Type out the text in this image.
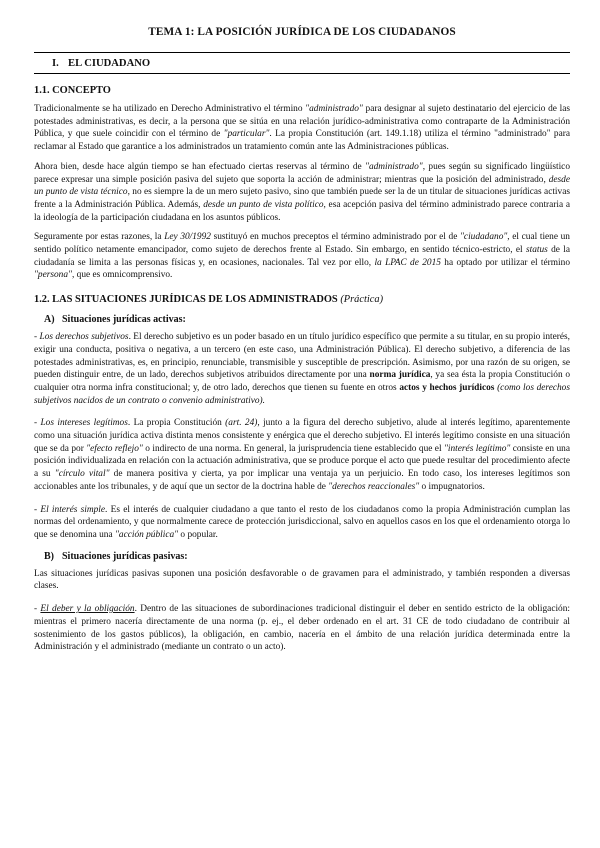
TEMA 1: LA POSICIÓN JURÍDICA DE LOS CIUDADANOS
I. EL CIUDADANO
1.1. CONCEPTO

Tradicionalmente se ha utilizado en Derecho Administrativo el término "administrado" para designar al sujeto destinatario del ejercicio de las potestades administrativas, es decir, a la persona que se sitúa en una relación jurídico-administrativa como contraparte de la Administración Pública, y que suele coincidir con el término de "particular". La propia Constitución (art. 149.1.18) utiliza el término "administrado" para reclamar al Estado que garantice a los administrados un tratamiento común ante las Administraciones públicas.

Ahora bien, desde hace algún tiempo se han efectuado ciertas reservas al término de "administrado", pues según su significado lingüístico parece expresar una simple posición pasiva del sujeto que soporta la acción de administrar; mientras que la posición del administrado, desde un punto de vista técnico, no es siempre la de un mero sujeto pasivo, sino que también puede ser la de un titular de situaciones jurídicas activas frente a la Administración Pública. Además, desde un punto de vista político, esa acepción pasiva del término administrado parece contraria a la ideología de la participación ciudadana en los asuntos públicos.

Seguramente por estas razones, la Ley 30/1992 sustituyó en muchos preceptos el término administrado por el de "ciudadano", el cual tiene un sentido político netamente emancipador, como sujeto de derechos frente al Estado. Sin embargo, en sentido técnico-estricto, el status de la ciudadanía se limita a las personas físicas y, en ocasiones, nacionales. Tal vez por ello, la LPAC de 2015 ha optado por utilizar el término "persona", que es omnicomprensivo.

1.2. LAS SITUACIONES JURÍDICAS DE LOS ADMINISTRADOS (Práctica)
A) Situaciones jurídicas activas:

- Los derechos subjetivos. El derecho subjetivo es un poder basado en un título jurídico específico que permite a su titular, en su propio interés, exigir una conducta, positiva o negativa, a un tercero (en este caso, una Administración Pública). El derecho subjetivo, a diferencia de las potestades administrativas, es, en principio, renunciable, transmisible y susceptible de prescripción. Asimismo, por una razón de su origen, se pueden distinguir entre, de un lado, derechos subjetivos atribuidos directamente por una norma jurídica, ya sea ésta la propia Constitución o cualquier otra norma infra constitucional; y, de otro lado, derechos que tienen su fuente en otros actos y hechos jurídicos (como los derechos subjetivos nacidos de un contrato o convenio administrativo).

- Los intereses legítimos. La propia Constitución (art. 24), junto a la figura del derecho subjetivo, alude al interés legítimo, aparentemente como una situación jurídica activa distinta menos consistente y enérgica que el derecho subjetivo. El interés legítimo consiste en una situación que se da por "efecto reflejo" o indirecto de una norma. En general, la jurisprudencia tiene establecido que el "interés legítimo" consiste en una posición individualizada en relación con la actuación administrativa, que se produce porque el acto que puede resultar del procedimiento afecte a su "círculo vital" de manera positiva y cierta, ya por implicar una ventaja ya un perjuicio. En todo caso, los intereses legítimos son accionables ante los tribunales, y de aquí que un sector de la doctrina hable de "derechos reaccionales" o impugnatorios.

- El interés simple. Es el interés de cualquier ciudadano a que tanto el resto de los ciudadanos como la propia Administración cumplan las normas del ordenamiento, y que normalmente carece de protección jurisdiccional, salvo en aquellos casos en los que el ordenamiento otorga lo que se denomina una "acción pública" o popular.

B) Situaciones jurídicas pasivas:

Las situaciones jurídicas pasivas suponen una posición desfavorable o de gravamen para el administrado, y también responden a diversas clases.

- El deber y la obligación. Dentro de las situaciones de subordinaciones tradicional distinguir el deber en sentido estricto de la obligación: mientras el primero nacería directamente de una norma (p. ej., el deber ordenado en el art. 31 CE de todo ciudadano de contribuir al sostenimiento de los gastos públicos), la obligación, en cambio, nacería en el ámbito de una relación jurídica determinada entre la Administración y el administrado (mediante un contrato o un acto).
